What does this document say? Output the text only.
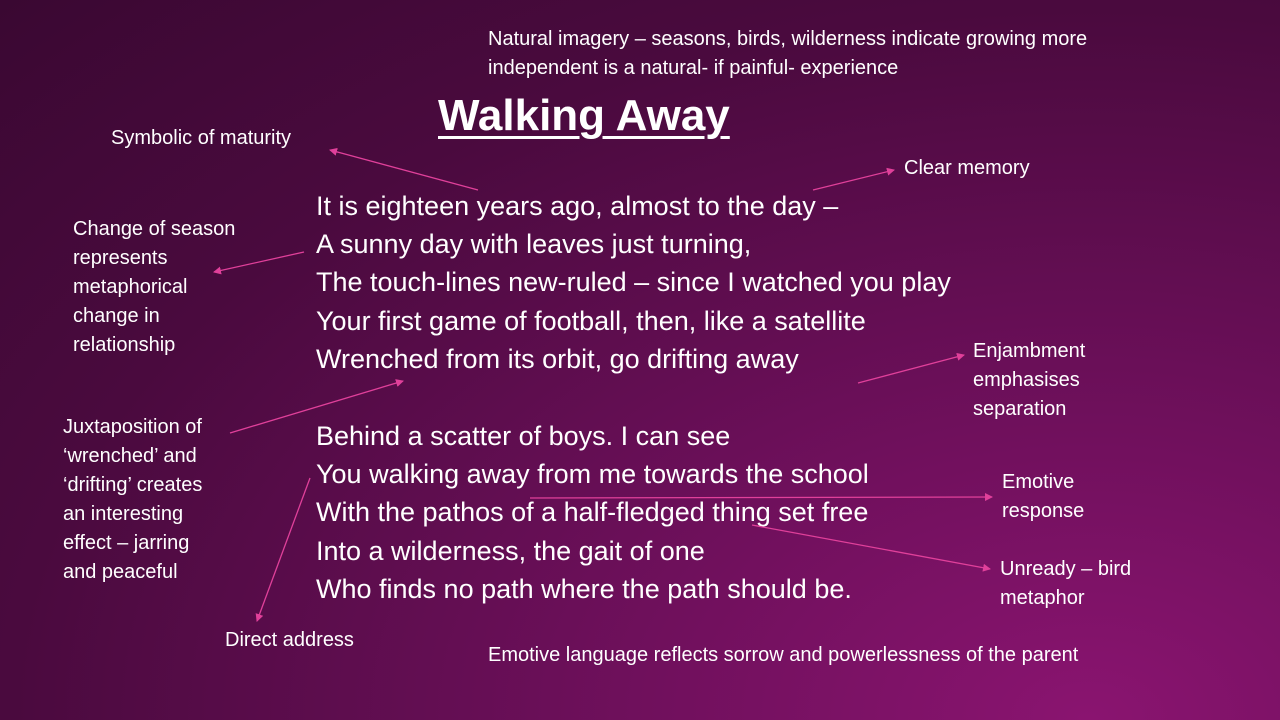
Natural imagery – seasons, birds, wilderness indicate growing more
independent is a natural- if painful- experience
Walking Away
Symbolic of maturity
Clear memory
It is eighteen years ago, almost to the day –
A sunny day with leaves just turning,
The touch-lines new-ruled – since I watched you play
Your first game of football, then, like a satellite
Wrenched from its orbit, go drifting away
Change of season
represents
metaphorical
change in
relationship	Enjambment
emphasises
separation
Juxtaposition of
‘wrenched’ and
‘drifting’ creates
an interesting
effect – jarring
and peaceful
Behind a scatter of boys. I can see
You walking away from me towards the school
With the pathos of a half-fledged thing set free
Into a wilderness, the gait of one
Who finds no path where the path should be.
Emotive
response
Unready – bird
metaphor
Direct address
Emotive language reflects sorrow and powerlessness of the parent
